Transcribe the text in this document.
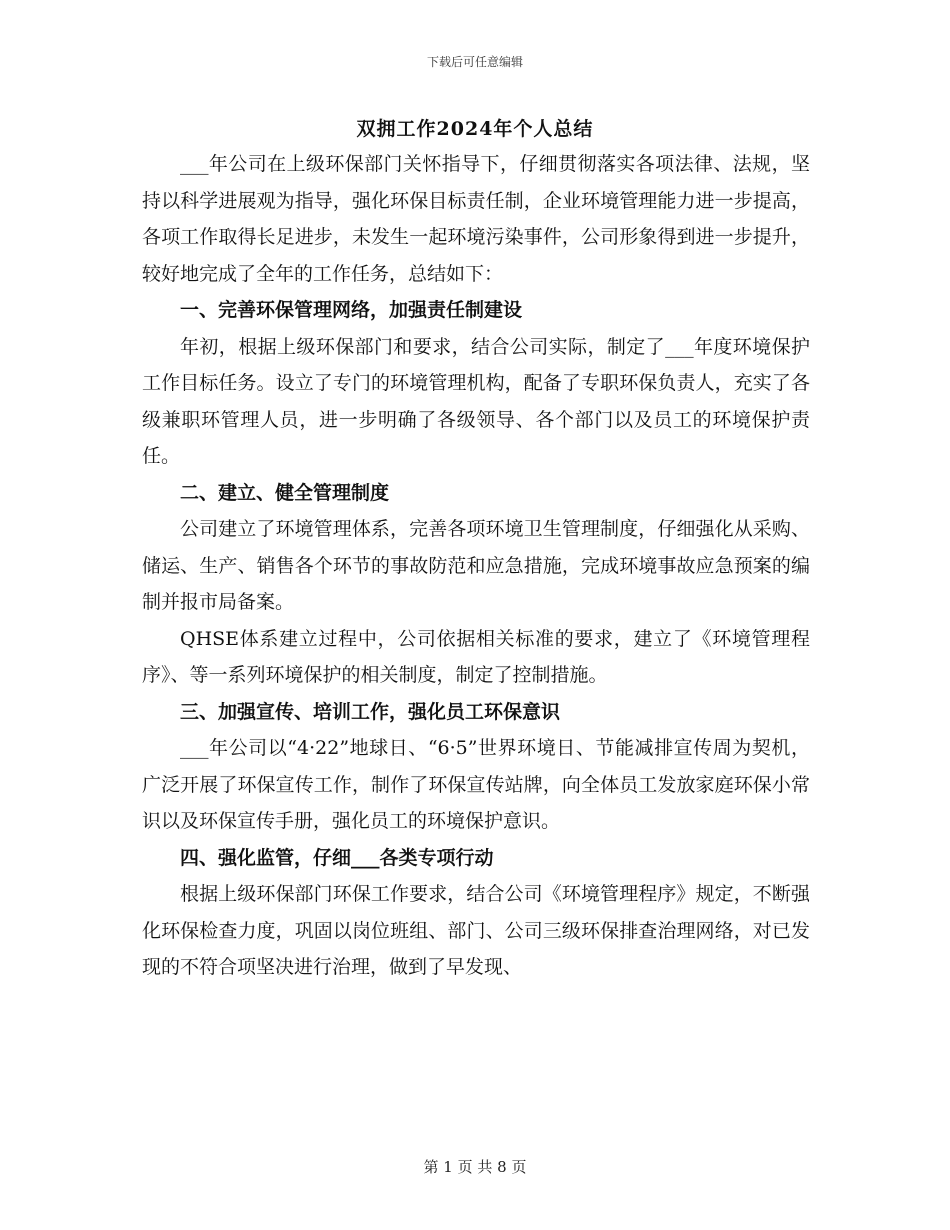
下载后可任意编辑
双拥工作2024年个人总结

___年公司在上级环保部门关怀指导下，仔细贯彻落实各项法律、法规，坚持以科学进展观为指导，强化环保目标责任制，企业环境管理能力进一步提高，各项工作取得长足进步，未发生一起环境污染事件，公司形象得到进一步提升，较好地完成了全年的工作任务，总结如下：

一、完善环保管理网络，加强责任制建设

年初，根据上级环保部门和要求，结合公司实际，制定了___年度环境保护工作目标任务。设立了专门的环境管理机构，配备了专职环保负责人，充实了各级兼职环管理人员，进一步明确了各级领导、各个部门以及员工的环境保护责任。

二、建立、健全管理制度

公司建立了环境管理体系，完善各项环境卫生管理制度，仔细强化从采购、储运、生产、销售各个环节的事故防范和应急措施，完成环境事故应急预案的编制并报市局备案。

QHSE体系建立过程中，公司依据相关标准的要求，建立了《环境管理程序》、等一系列环境保护的相关制度，制定了控制措施。

三、加强宣传、培训工作，强化员工环保意识

___年公司以“4·22”地球日、“6·5”世界环境日、节能减排宣传周为契机，广泛开展了环保宣传工作，制作了环保宣传站牌，向全体员工发放家庭环保小常识以及环保宣传手册，强化员工的环境保护意识。

四、强化监管，仔细___各类专项行动

根据上级环保部门环保工作要求，结合公司《环境管理程序》规定，不断强化环保检查力度，巩固以岗位班组、部门、公司三级环保排查治理网络，对已发现的不符合项坚决进行治理，做到了早发现、

第 1 页 共 8 页
